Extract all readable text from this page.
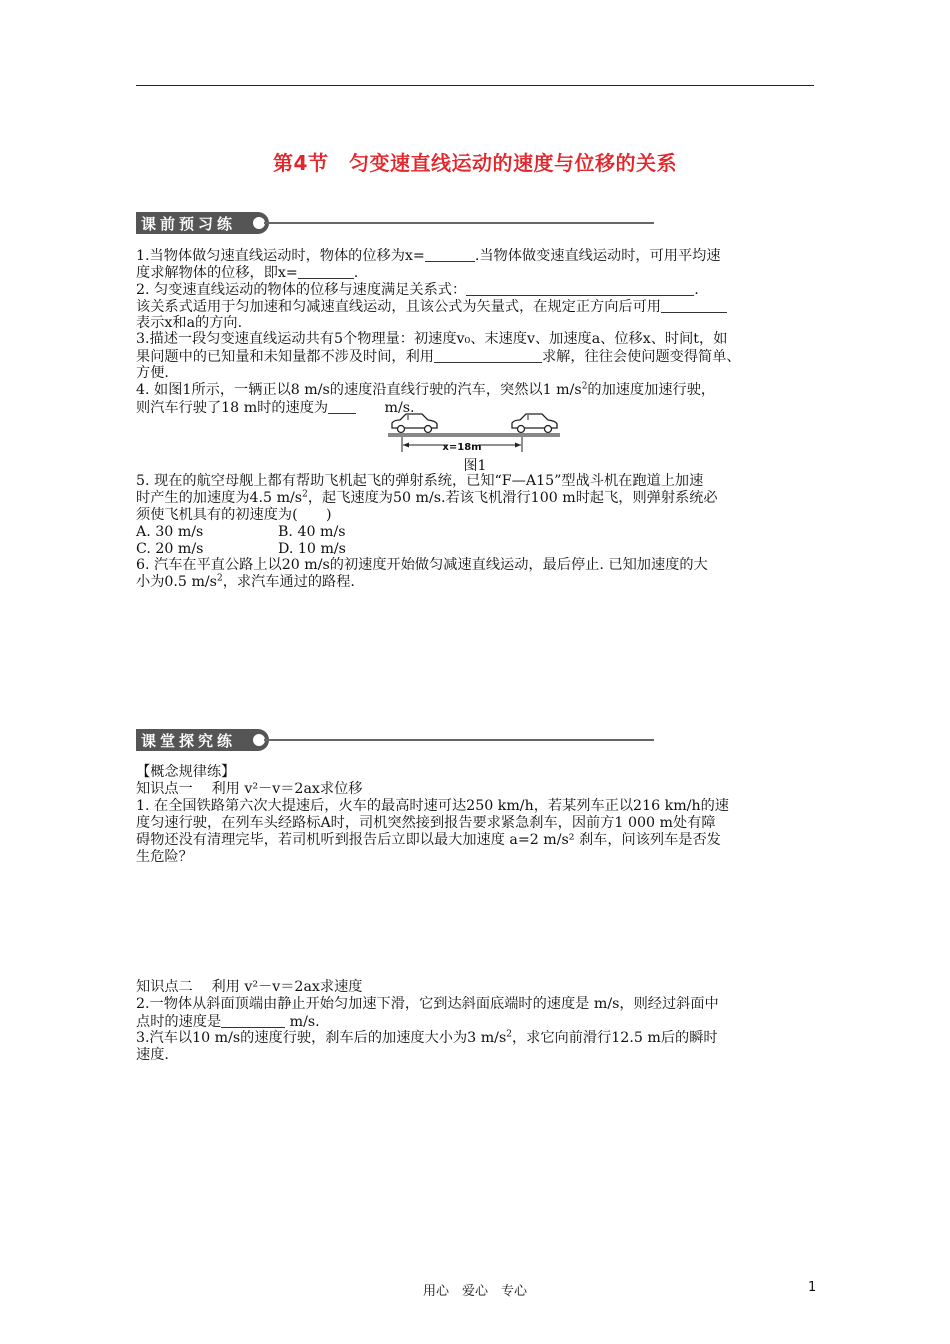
第4节　匀变速直线运动的速度与位移的关系
课前预习练
1.当物体做匀速直线运动时，物体的位移为x=	.当物体做变速直线运动时，可用平均速
度求解物体的位移，即x=	.
2. 匀变速直线运动的物体的位移与速度满足关系式：	.
该关系式适用于匀加速和匀减速直线运动，且该公式为矢量式，在规定正方向后可用
表示x和a的方向.
3.描述一段匀变速直线运动共有5个物理量：初速度v₀、末速度v、加速度a、位移x、时间t，如
果问题中的已知量和未知量都不涉及时间，利用	求解，往往会使问题变得简单、
方便.
4. 如图1所示，一辆正以8 m/s的速度沿直线行驶的汽车，突然以1 $m/s^2$的加速度加速行驶，
则汽车行驶了18 m时的速度为　　	m/s.
x=18m
图1
5. 现在的航空母舰上都有帮助飞机起飞的弹射系统，已知“F—A15”型战斗机在跑道上加速
时产生的加速度为4.5 $m/s^2$，起飞速度为50 m/s.若该飞机滑行100 m时起飞，则弹射系统必
须使飞机具有的初速度为(　　)
A. 30 m/s	B. 40 m/s
C. 20 m/s	D. 10 m/s
6. 汽车在平直公路上以20 m/s的初速度开始做匀减速直线运动，最后停止. 已知加速度的大
小为0.5 $m/s^2$，求汽车通过的路程.
课堂探究练
【概念规律练】
知识点一　 利用 v²－v＝2ax求位移
1. 在全国铁路第六次大提速后，火车的最高时速可达250 km/h，若某列车正以216 km/h的速
度匀速行驶，在列车头经路标A时，司机突然接到报告要求紧急刹车，因前方1 000 m处有障
碍物还没有清理完毕，若司机听到报告后立即以最大加速度 a=2 m/s² 刹车，问该列车是否发
生危险？
知识点二　 利用 v²－v＝2ax求速度
2.一物体从斜面顶端由静止开始匀加速下滑，它到达斜面底端时的速度是 m/s，则经过斜面中
点时的速度是	m/s.
3.汽车以10 m/s的速度行驶，刹车后的加速度大小为3 $m/s^2$，求它向前滑行12.5 m后的瞬时
速度.
用心　爱心　专心	1
